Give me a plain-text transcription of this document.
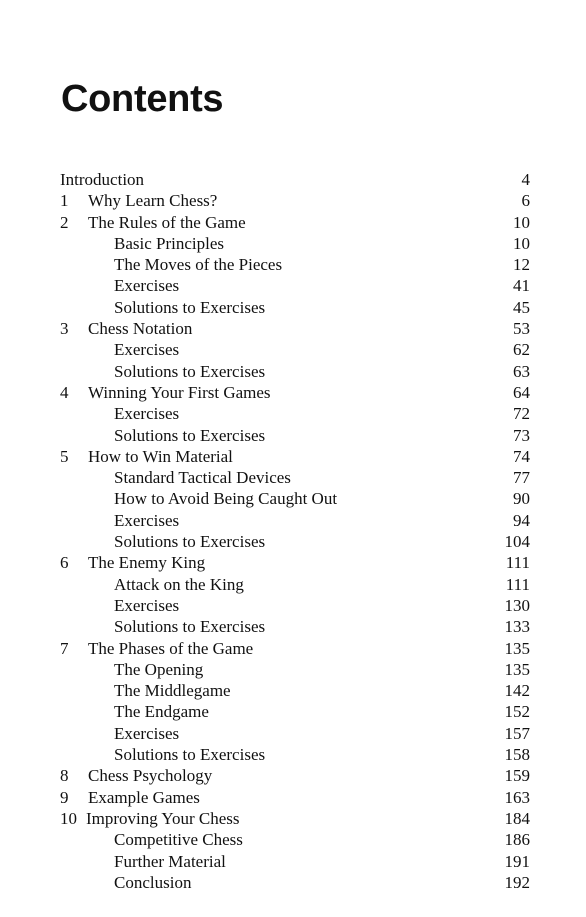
Contents
Introduction	4
1 Why Learn Chess?	6
2 The Rules of the Game	10
Basic Principles	10
The Moves of the Pieces	12
Exercises	41
Solutions to Exercises	45
3 Chess Notation	53
Exercises	62
Solutions to Exercises	63
4 Winning Your First Games	64
Exercises	72
Solutions to Exercises	73
5 How to Win Material	74
Standard Tactical Devices	77
How to Avoid Being Caught Out	90
Exercises	94
Solutions to Exercises	104
6 The Enemy King	111
Attack on the King	111
Exercises	130
Solutions to Exercises	133
7 The Phases of the Game	135
The Opening	135
The Middlegame	142
The Endgame	152
Exercises	157
Solutions to Exercises	158
8 Chess Psychology	159
9 Example Games	163
10 Improving Your Chess	184
Competitive Chess	186
Further Material	191
Conclusion	192
